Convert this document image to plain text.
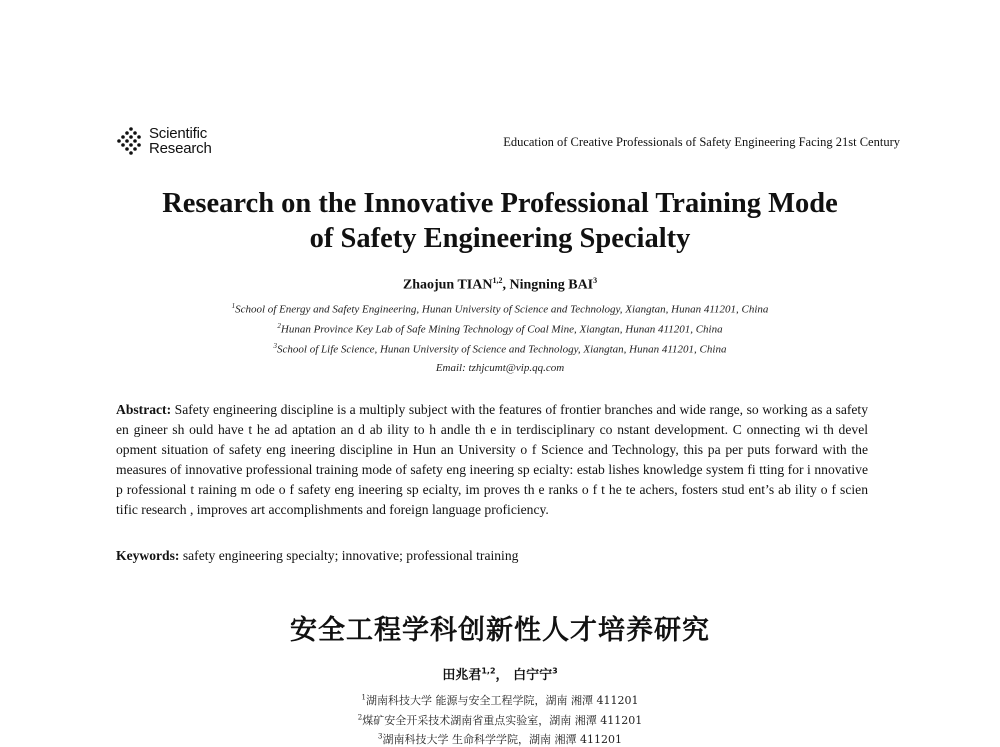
Scientific
Research	Education of Creative Professionals of Safety Engineering Facing 21st Century
Research on the Innovative Professional Training Mode
of Safety Engineering Specialty
Zhaojun TIAN$^{1,2}$, Ningning BAI$^3$
$^1$School of Energy and Safety Engineering, Hunan University of Science and Technology, Xiangtan, Hunan 411201, China
$^2$Hunan Province Key Lab of Safe Mining Technology of Coal Mine, Xiangtan, Hunan 411201, China
$^3$School of Life Science, Hunan University of Science and Technology, Xiangtan, Hunan 411201, China
Email: tzhjcumt@vip.qq.com
Abstract: Safety engineering discipline is a multiply subject with the features of frontier branches and wide range, so working as a safety en gineer sh ould have t he ad aptation an d ab ility to h andle th e in terdisciplinary co nstant development. C onnecting wi th devel opment situation of safety eng ineering discipline in Hun an University o f Science and Technology, this pa per puts forward with the measures of innovative professional training mode of safety eng ineering sp ecialty: estab lishes knowledge system fi tting for i nnovative p rofessional t raining m ode o f safety eng ineering sp ecialty, im proves th e ranks o f t he te achers, fosters stud ent’s ab ility o f scien tific research , improves art accomplishments and foreign language proficiency.
Keywords: safety engineering specialty; innovative; professional training
安全工程学科创新性人才培养研究
田兆君$^{1,2}$， 白宁宁$^3$
$^1$湖南科技大学 能源与安全工程学院，湖南 湘潭 411201
$^2$煤矿安全开采技术湖南省重点实验室，湖南 湘潭 411201
$^3$湖南科技大学 生命科学学院，湖南 湘潭 411201
